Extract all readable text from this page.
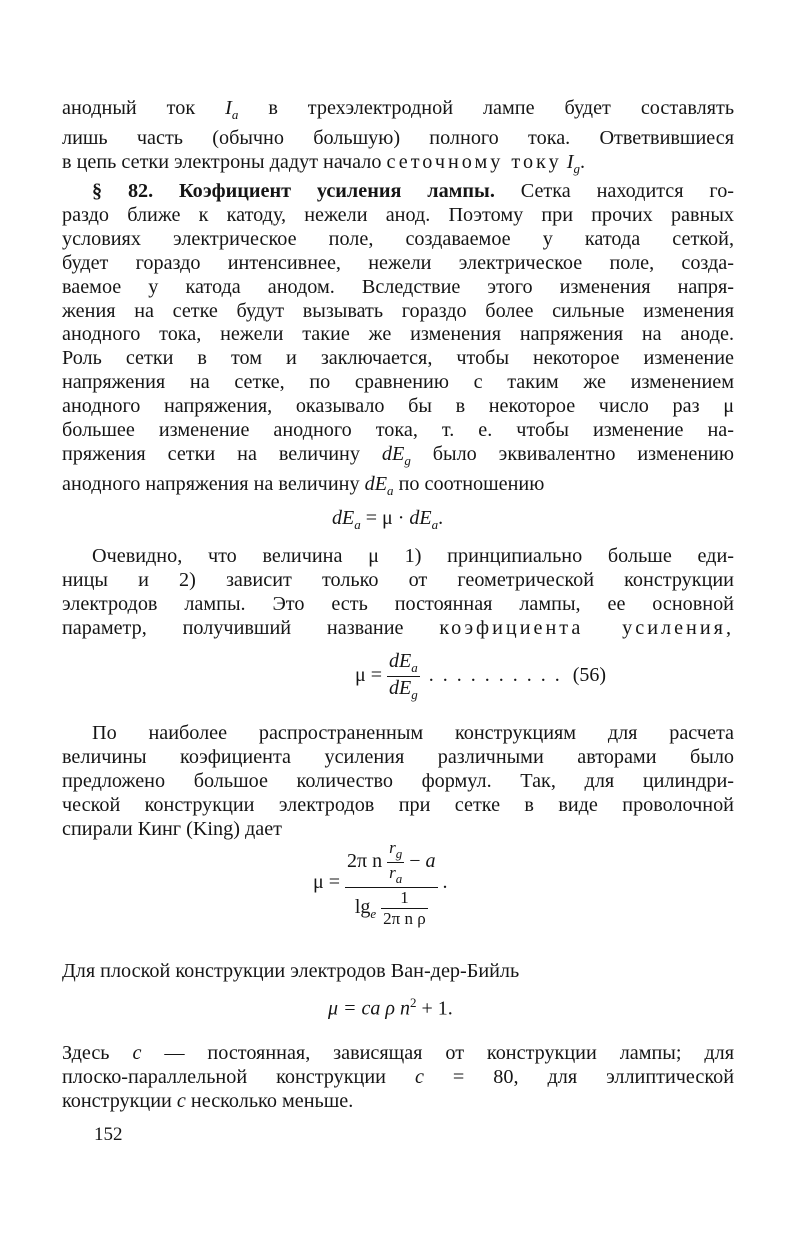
анодный ток $I_a$ в трехэлектродной лампе будет составлять
лишь часть (обычно большую) полного тока. Ответвившиеся
в цепь сетки электроны дадут начало сеточному току $I_g$.
§ 82. Коэфициент усиления лампы. Сетка находится го-
раздо ближе к катоду, нежели анод. Поэтому при прочих равных
условиях электрическое поле, создаваемое у катода сеткой,
будет гораздо интенсивнее, нежели электрическое поле, созда-
ваемое у катода анодом. Вследствие этого изменения напря-
жения на сетке будут вызывать гораздо более сильные изменения
анодного тока, нежели такие же изменения напряжения на аноде.
Роль сетки в том и заключается, чтобы некоторое изменение
напряжения на сетке, по сравнению с таким же изменением
анодного напряжения, оказывало бы в некоторое число раз μ
большее изменение анодного тока, т. е. чтобы изменение на-
пряжения сетки на величину $dE_g$ было эквивалентно изменению
анодного напряжения на величину $dE_a$ по соотношению
$dE_a = \mu \cdot dE_a$.
Очевидно, что величина μ 1) принципиально больше еди-
ницы и 2) зависит только от геометрической конструкции
электродов лампы. Это есть постоянная лампы, ее основной
параметр, получивший название коэфициента усиления,
$\mu = \frac{dE_a}{dE_g}$ . . . . . . . . . . (56)
По наиболее распространенным конструкциям для расчета
величины коэфициента усиления различными авторами было
предложено большое количество формул. Так, для цилиндри-
ческой конструкции электродов при сетке в виде проволочной
спирали Кинг (King) дает
μ =
2π n $\frac{r_g}{r_a} - a$
$\lg_e \frac{1}{\text{2π n ρ}}$
.
Для плоской конструкции электродов Ван-дер-Бийль
μ = ca ρ $n^2 + 1$.
Здесь c — постоянная, зависящая от конструкции лампы; для
плоско-параллельной конструкции c = 80, для эллиптической
конструкции c несколько меньше.
152
